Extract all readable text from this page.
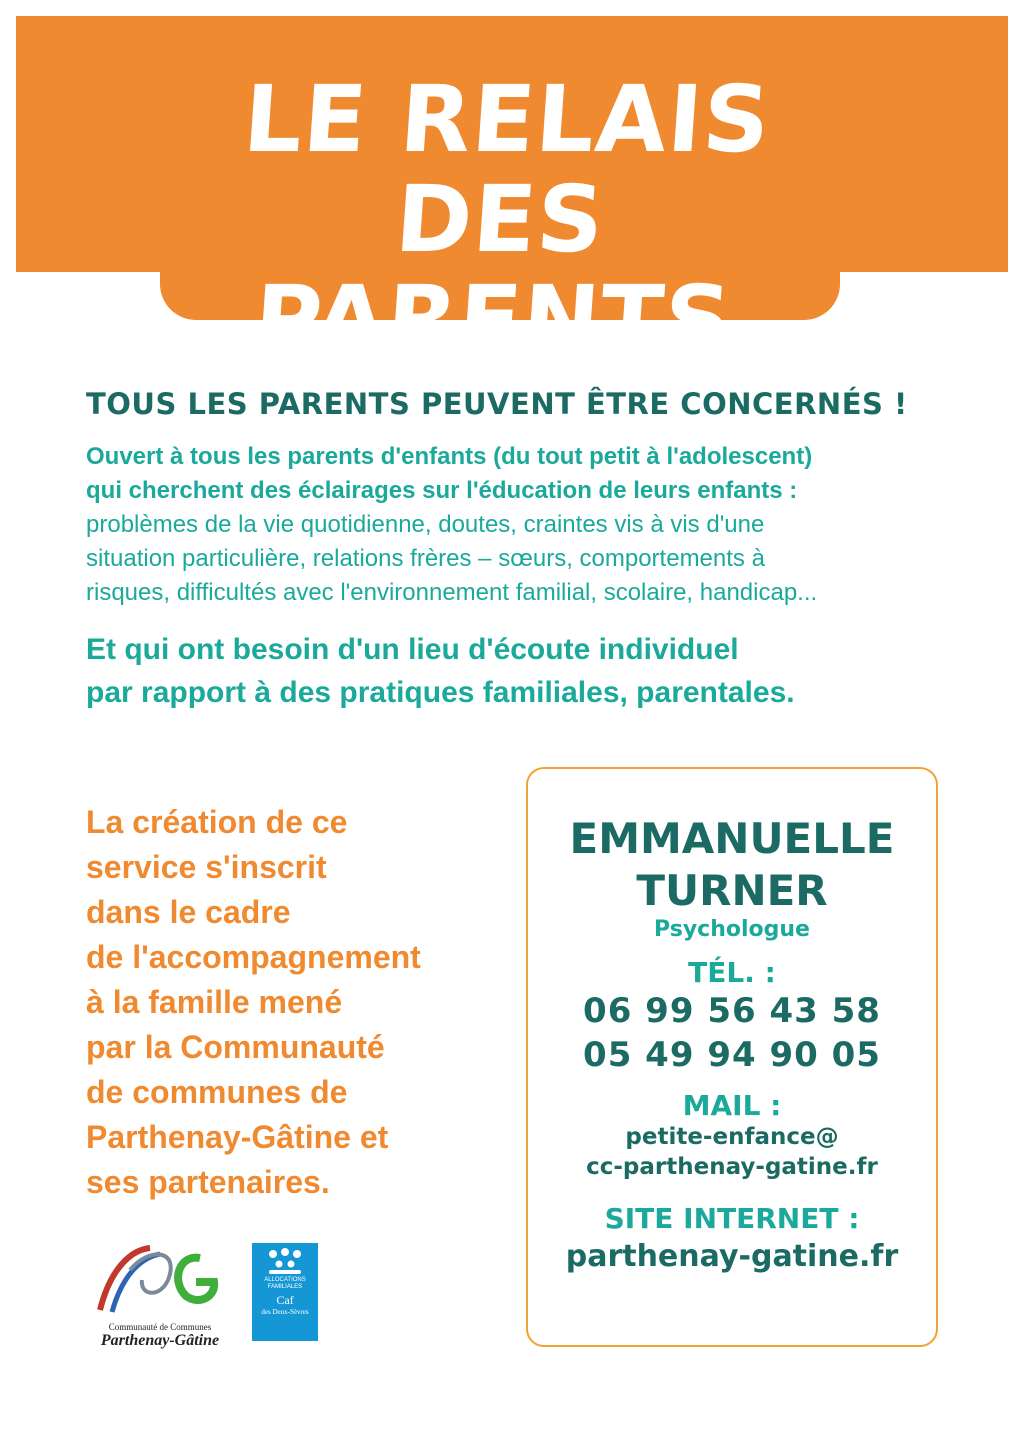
LE RELAIS
DES PARENTS
TOUS LES PARENTS PEUVENT ÊTRE CONCERNÉS !
Ouvert à tous les parents d'enfants (du tout petit à l'adolescent)
qui cherchent des éclairages sur l'éducation de leurs enfants :
problèmes de la vie quotidienne, doutes, craintes vis à vis d'une
situation particulière, relations frères – sœurs, comportements à
risques, difficultés avec l'environnement familial, scolaire, handicap...
Et qui ont besoin d'un lieu d'écoute individuel
par rapport à des pratiques familiales, parentales.
La création de ce
service s'inscrit
dans le cadre
de l'accompagnement
à la famille mené
par la Communauté
de communes de
Parthenay-Gâtine et
ses partenaires.
EMMANUELLE
TURNER
Psychologue
TÉL. :
06 99 56 43 58
05 49 94 90 05
MAIL :
petite-enfance@
cc-parthenay-gatine.fr
SITE INTERNET :
parthenay-gatine.fr
Communauté de Communes
Parthenay-Gâtine
ALLOCATIONS
FAMILIALES
Caf
des Deux-Sèvres
